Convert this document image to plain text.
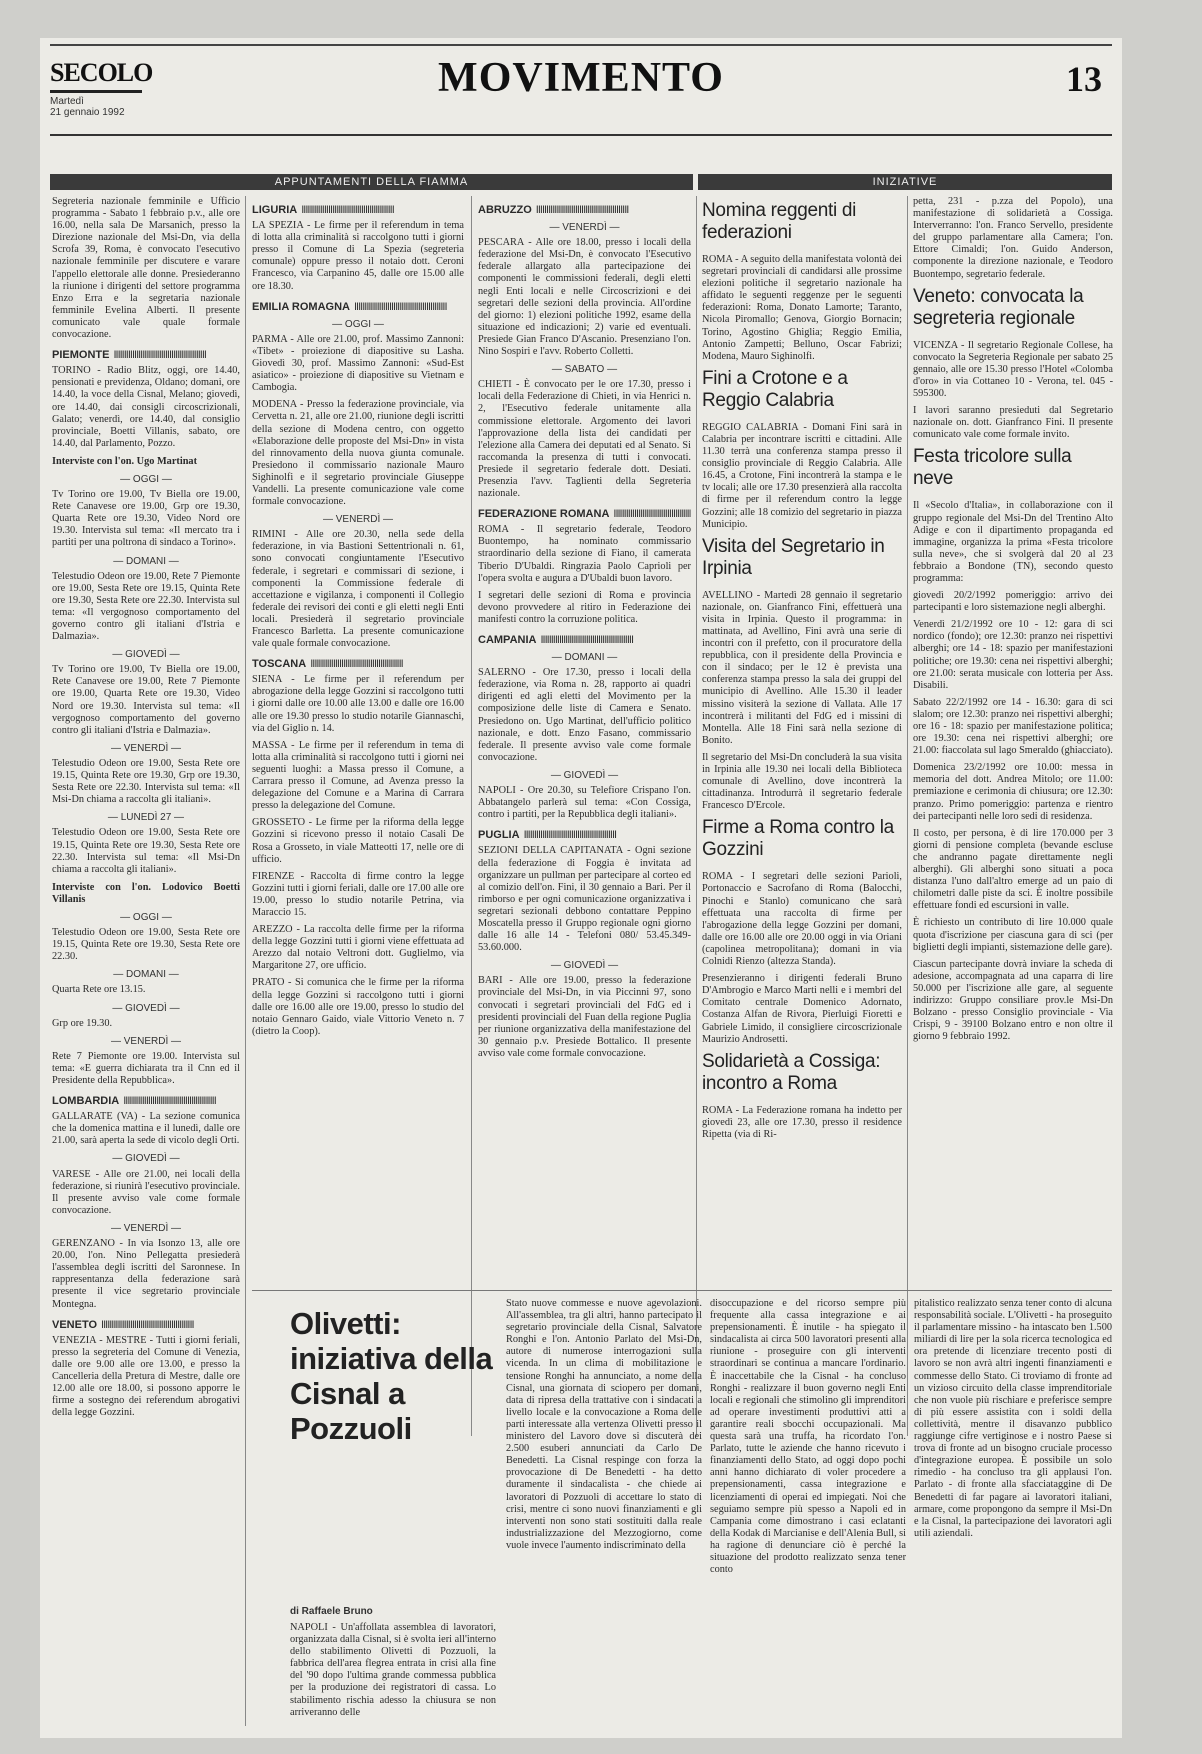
SECOLO
Martedì
21 gennaio 1992
MOVIMENTO	13
APPUNTAMENTI DELLA FIAMMA	INIZIATIVE

Segreteria nazionale femminile e Ufficio programma - Sabato 1 febbraio p.v., alle ore 16.00, nella sala De Marsanich, presso la Direzione nazionale del Msi-Dn, via della Scrofa 39, Roma, è convocato l'esecutivo nazionale femminile per discutere e varare l'appello elettorale alle donne. Presiederanno la riunione i dirigenti del settore programma Enzo Erra e la segretaria nazionale femminile Evelina Alberti. Il presente comunicato vale quale formale convocazione.

PIEMONTE IIIIIIIIIIIIIIIIIIIIIIIIIIIIIIIIIIIIIIIIIIIII

TORINO - Radio Blitz, oggi, ore 14.40, pensionati e previdenza, Oldano; domani, ore 14.40, la voce della Cisnal, Melano; giovedì, ore 14.40, dai consigli circoscrizionali, Galato; venerdì, ore 14.40, dal consiglio provinciale, Boetti Villanis, sabato, ore 14.40, dal Parlamento, Pozzo.

Interviste con l'on. Ugo Martinat
— OGGI —

Tv Torino ore 19.00, Tv Biella ore 19.00, Rete Canavese ore 19.00, Grp ore 19.30, Quarta Rete ore 19.30, Video Nord ore 19.30. Intervista sul tema: «Il mercato tra i partiti per una poltrona di sindaco a Torino».

— DOMANI —

Telestudio Odeon ore 19.00, Rete 7 Piemonte ore 19.00, Sesta Rete ore 19.15, Quinta Rete ore 19.30, Sesta Rete ore 22.30. Intervista sul tema: «Il vergognoso comportamento del governo contro gli italiani d'Istria e Dalmazia».

— GIOVEDÌ —

Tv Torino ore 19.00, Tv Biella ore 19.00, Rete Canavese ore 19.00, Rete 7 Piemonte ore 19.00, Quarta Rete ore 19.30, Video Nord ore 19.30. Intervista sul tema: «Il vergognoso comportamento del governo contro gli italiani d'Istria e Dalmazia».

— VENERDÌ —

Telestudio Odeon ore 19.00, Sesta Rete ore 19.15, Quinta Rete ore 19.30, Grp ore 19.30, Sesta Rete ore 22.30. Intervista sul tema: «Il Msi-Dn chiama a raccolta gli italiani».

— LUNEDÌ 27 —

Telestudio Odeon ore 19.00, Sesta Rete ore 19.15, Quinta Rete ore 19.30, Sesta Rete ore 22.30. Intervista sul tema: «Il Msi-Dn chiama a raccolta gli italiani».

Interviste con l'on. Lodovico Boetti Villanis
— OGGI —

Telestudio Odeon ore 19.00, Sesta Rete ore 19.15, Quinta Rete ore 19.30, Sesta Rete ore 22.30.

— DOMANI —

Quarta Rete ore 13.15.

— GIOVEDÌ —

Grp ore 19.30.

— VENERDÌ —

Rete 7 Piemonte ore 19.00. Intervista sul tema: «E guerra dichiarata tra il Cnn ed il Presidente della Repubblica».

LOMBARDIA IIIIIIIIIIIIIIIIIIIIIIIIIIIIIIIIIIIIIIIIIIIII

GALLARATE (VA) - La sezione comunica che la domenica mattina e il lunedì, dalle ore 21.00, sarà aperta la sede di vicolo degli Orti.

— GIOVEDÌ —

VARESE - Alle ore 21.00, nei locali della federazione, si riunirà l'esecutivo provinciale. Il presente avviso vale come formale convocazione.

— VENERDÌ —

GERENZANO - In via Isonzo 13, alle ore 20.00, l'on. Nino Pellegatta presiederà l'assemblea degli iscritti del Saronnese. In rappresentanza della federazione sarà presente il vice segretario provinciale Montegna.

VENETO IIIIIIIIIIIIIIIIIIIIIIIIIIIIIIIIIIIIIIIIIIIII

VENEZIA - MESTRE - Tutti i giorni feriali, presso la segreteria del Comune di Venezia, dalle ore 9.00 alle ore 13.00, e presso la Cancelleria della Pretura di Mestre, dalle ore 12.00 alle ore 18.00, si possono apporre le firme a sostegno dei referendum abrogativi della legge Gozzini.

LIGURIA IIIIIIIIIIIIIIIIIIIIIIIIIIIIIIIIIIIIIIIIIIIII

LA SPEZIA - Le firme per il referendum in tema di lotta alla criminalità si raccolgono tutti i giorni presso il Comune di La Spezia (segreteria comunale) oppure presso il notaio dott. Ceroni Francesco, via Carpanino 45, dalle ore 15.00 alle ore 18.30.

EMILIA ROMAGNA IIIIIIIIIIIIIIIIIIIIIIIIIIIIIIIIIIIIIIIIIIIII
— OGGI —

PARMA - Alle ore 21.00, prof. Massimo Zannoni: «Tibet» - proiezione di diapositive su Lasha. Giovedì 30, prof. Massimo Zannoni: «Sud-Est asiatico» - proiezione di diapositive su Vietnam e Cambogia.

MODENA - Presso la federazione provinciale, via Cervetta n. 21, alle ore 21.00, riunione degli iscritti della sezione di Modena centro, con oggetto «Elaborazione delle proposte del Msi-Dn» in vista del rinnovamento della nuova giunta comunale. Presiedono il commissario nazionale Mauro Sighinolfi e il segretario provinciale Giuseppe Vandelli. La presente comunicazione vale come formale convocazione.

— VENERDÌ —

RIMINI - Alle ore 20.30, nella sede della federazione, in via Bastioni Settentrionali n. 61, sono convocati congiuntamente l'Esecutivo federale, i segretari e commissari di sezione, i componenti la Commissione federale di accettazione e vigilanza, i componenti il Collegio federale dei revisori dei conti e gli eletti negli Enti locali. Presiederà il segretario provinciale Francesco Barletta. La presente comunicazione vale quale formale convocazione.

TOSCANA IIIIIIIIIIIIIIIIIIIIIIIIIIIIIIIIIIIIIIIIIIIII

SIENA - Le firme per il referendum per abrogazione della legge Gozzini si raccolgono tutti i giorni dalle ore 10.00 alle 13.00 e dalle ore 16.00 alle ore 19.30 presso lo studio notarile Giannaschi, via del Giglio n. 14.

MASSA - Le firme per il referendum in tema di lotta alla criminalità si raccolgono tutti i giorni nei seguenti luoghi: a Massa presso il Comune, a Carrara presso il Comune, ad Avenza presso la delegazione del Comune e a Marina di Carrara presso la delegazione del Comune.

GROSSETO - Le firme per la riforma della legge Gozzini si ricevono presso il notaio Casali De Rosa a Grosseto, in viale Matteotti 17, nelle ore di ufficio.

FIRENZE - Raccolta di firme contro la legge Gozzini tutti i giorni feriali, dalle ore 17.00 alle ore 19.00, presso lo studio notarile Petrina, via Maraccio 15.

AREZZO - La raccolta delle firme per la riforma della legge Gozzini tutti i giorni viene effettuata ad Arezzo dal notaio Veltroni dott. Guglielmo, via Margaritone 27, ore ufficio.

PRATO - Si comunica che le firme per la riforma della legge Gozzini si raccolgono tutti i giorni dalle ore 16.00 alle ore 19.00, presso lo studio del notaio Gennaro Gaido, viale Vittorio Veneto n. 7 (dietro la Coop).

ABRUZZO IIIIIIIIIIIIIIIIIIIIIIIIIIIIIIIIIIIIIIIIIIIII
— VENERDÌ —

PESCARA - Alle ore 18.00, presso i locali della federazione del Msi-Dn, è convocato l'Esecutivo federale allargato alla partecipazione dei componenti le commissioni federali, degli eletti negli Enti locali e nelle Circoscrizioni e dei segretari delle sezioni della provincia. All'ordine del giorno: 1) elezioni politiche 1992, esame della situazione ed indicazioni; 2) varie ed eventuali. Presiede Gian Franco D'Ascanio. Presenziano l'on. Nino Sospiri e l'avv. Roberto Colletti.

— SABATO —

CHIETI - È convocato per le ore 17.30, presso i locali della Federazione di Chieti, in via Henrici n. 2, l'Esecutivo federale unitamente alla commissione elettorale. Argomento dei lavori l'approvazione della lista dei candidati per l'elezione alla Camera dei deputati ed al Senato. Si raccomanda la presenza di tutti i convocati. Presiede il segretario federale dott. Desiati. Presenzia l'avv. Taglienti della Segreteria nazionale.

FEDERAZIONE ROMANA IIIIIIIIIIIIIIIIIIIIIIIIIIIIIIIIIIIIIIIIIIIII

ROMA - Il segretario federale, Teodoro Buontempo, ha nominato commissario straordinario della sezione di Fiano, il camerata Tiberio D'Ubaldi. Ringrazia Paolo Caprioli per l'opera svolta e augura a D'Ubaldi buon lavoro.

I segretari delle sezioni di Roma e provincia devono provvedere al ritiro in Federazione dei manifesti contro la corruzione politica.

CAMPANIA IIIIIIIIIIIIIIIIIIIIIIIIIIIIIIIIIIIIIIIIIIIII
— DOMANI —

SALERNO - Ore 17.30, presso i locali della federazione, via Roma n. 28, rapporto ai quadri dirigenti ed agli eletti del Movimento per la composizione delle liste di Camera e Senato. Presiedono on. Ugo Martinat, dell'ufficio politico nazionale, e dott. Enzo Fasano, commissario federale. Il presente avviso vale come formale convocazione.

— GIOVEDÌ —

NAPOLI - Ore 20.30, su Telefiore Crispano l'on. Abbatangelo parlerà sul tema: «Con Cossiga, contro i partiti, per la Repubblica degli italiani».

PUGLIA IIIIIIIIIIIIIIIIIIIIIIIIIIIIIIIIIIIIIIIIIIIII

SEZIONI DELLA CAPITANATA - Ogni sezione della federazione di Foggia è invitata ad organizzare un pullman per partecipare al corteo ed al comizio dell'on. Fini, il 30 gennaio a Bari. Per il rimborso e per ogni comunicazione organizzativa i segretari sezionali debbono contattare Peppino Moscatella presso il Gruppo regionale ogni giorno dalle 16 alle 14 - Telefoni 080/ 53.45.349-53.60.000.

— GIOVEDÌ —

BARI - Alle ore 19.00, presso la federazione provinciale del Msi-Dn, in via Piccinni 97, sono convocati i segretari provinciali del FdG ed i presidenti provinciali del Fuan della regione Puglia per riunione organizzativa della manifestazione del 30 gennaio p.v. Presiede Bottalico. Il presente avviso vale come formale convocazione.

Nomina reggenti di federazioni

ROMA - A seguito della manifestata volontà dei segretari provinciali di candidarsi alle prossime elezioni politiche il segretario nazionale ha affidato le seguenti reggenze per le seguenti federazioni: Roma, Donato Lamorte; Taranto, Nicola Piromallo; Genova, Giorgio Bornacin; Torino, Agostino Ghiglia; Reggio Emilia, Antonio Zampetti; Belluno, Oscar Fabrizi; Modena, Mauro Sighinolfi.

Fini a Crotone e a Reggio Calabria

REGGIO CALABRIA - Domani Fini sarà in Calabria per incontrare iscritti e cittadini. Alle 11.30 terrà una conferenza stampa presso il consiglio provinciale di Reggio Calabria. Alle 16.45, a Crotone, Fini incontrerà la stampa e le tv locali; alle ore 17.30 presenzierà alla raccolta di firme per il referendum contro la legge Gozzini; alle 18 comizio del segretario in piazza Municipio.

Visita del Segretario in Irpinia

AVELLINO - Martedì 28 gennaio il segretario nazionale, on. Gianfranco Fini, effettuerà una visita in Irpinia. Questo il programma: in mattinata, ad Avellino, Fini avrà una serie di incontri con il prefetto, con il procuratore della repubblica, con il presidente della Provincia e con il sindaco; per le 12 è prevista una conferenza stampa presso la sala dei gruppi del municipio di Avellino. Alle 15.30 il leader missino visiterà la sezione di Vallata. Alle 17 incontrerà i militanti del FdG ed i missini di Montella. Alle 18 Fini sarà nella sezione di Bonito.

Il segretario del Msi-Dn concluderà la sua visita in Irpinia alle 19.30 nei locali della Biblioteca comunale di Avellino, dove incontrerà la cittadinanza. Introdurrà il segretario federale Francesco D'Ercole.

Firme a Roma contro la Gozzini

ROMA - I segretari delle sezioni Parioli, Portonaccio e Sacrofano di Roma (Balocchi, Pinochi e Stanlo) comunicano che sarà effettuata una raccolta di firme per l'abrogazione della legge Gozzini per domani, dalle ore 16.00 alle ore 20.00 oggi in via Oriani (capolinea metropolitana); domani in via Colnidi Rienzo (altezza Standa).

Presenzieranno i dirigenti federali Bruno D'Ambrogio e Marco Marti nelli e i membri del Comitato centrale Domenico Adornato, Costanza Alfan de Rivora, Pierluigi Fioretti e Gabriele Limido, il consigliere circoscrizionale Maurizio Androsetti.

Solidarietà a Cossiga: incontro a Roma

ROMA - La Federazione romana ha indetto per giovedì 23, alle ore 17.30, presso il residence Ripetta (via di Ri-

petta, 231 - p.zza del Popolo), una manifestazione di solidarietà a Cossiga. Interverranno: l'on. Franco Servello, presidente del gruppo parlamentare alla Camera; l'on. Ettore Cimaldi; l'on. Guido Anderson, componente la direzione nazionale, e Teodoro Buontempo, segretario federale.

Veneto: convocata la segreteria regionale

VICENZA - Il segretario Regionale Collese, ha convocato la Segreteria Regionale per sabato 25 gennaio, alle ore 15.30 presso l'Hotel «Colomba d'oro» in via Cottaneo 10 - Verona, tel. 045 - 595300.

I lavori saranno presieduti dal Segretario nazionale on. dott. Gianfranco Fini. Il presente comunicato vale come formale invito.

Festa tricolore sulla neve

Il «Secolo d'Italia», in collaborazione con il gruppo regionale del Msi-Dn del Trentino Alto Adige e con il dipartimento propaganda ed immagine, organizza la prima «Festa tricolore sulla neve», che si svolgerà dal 20 al 23 febbraio a Bondone (TN), secondo questo programma:

giovedì 20/2/1992 pomeriggio: arrivo dei partecipanti e loro sistemazione negli alberghi.

Venerdì 21/2/1992 ore 10 - 12: gara di sci nordico (fondo); ore 12.30: pranzo nei rispettivi alberghi; ore 14 - 18: spazio per manifestazioni politiche; ore 19.30: cena nei rispettivi alberghi; ore 21.00: serata musicale con lotteria per Ass. Disabili.

Sabato 22/2/1992 ore 14 - 16.30: gara di sci slalom; ore 12.30: pranzo nei rispettivi alberghi; ore 16 - 18: spazio per manifestazione politica; ore 19.30: cena nei rispettivi alberghi; ore 21.00: fiaccolata sul lago Smeraldo (ghiacciato).

Domenica 23/2/1992 ore 10.00: messa in memoria del dott. Andrea Mitolo; ore 11.00: premiazione e cerimonia di chiusura; ore 12.30: pranzo. Primo pomeriggio: partenza e rientro dei partecipanti nelle loro sedi di residenza.

Il costo, per persona, è di lire 170.000 per 3 giorni di pensione completa (bevande escluse che andranno pagate direttamente negli alberghi). Gli alberghi sono situati a poca distanza l'uno dall'altro emerge ad un paio di chilometri dalle piste da sci. È inoltre possibile effettuare fondi ed escursioni in valle.

È richiesto un contributo di lire 10.000 quale quota d'iscrizione per ciascuna gara di sci (per biglietti degli impianti, sistemazione delle gare).

Ciascun partecipante dovrà inviare la scheda di adesione, accompagnata ad una caparra di lire 50.000 per l'iscrizione alle gare, al seguente indirizzo: Gruppo consiliare prov.le Msi-Dn Bolzano - presso Consiglio provinciale - Via Crispi, 9 - 39100 Bolzano entro e non oltre il giorno 9 febbraio 1992.

Olivetti: iniziativa della Cisnal a Pozzuoli
di Raffaele Bruno

NAPOLI - Un'affollata assemblea di lavoratori, organizzata dalla Cisnal, si è svolta ieri all'interno dello stabilimento Olivetti di Pozzuoli, la fabbrica dell'area flegrea entrata in crisi alla fine del '90 dopo l'ultima grande commessa pubblica per la produzione dei registratori di cassa. Lo stabilimento rischia adesso la chiusura se non arriveranno delle

Stato nuove commesse e nuove agevolazioni. All'assemblea, tra gli altri, hanno partecipato il segretario provinciale della Cisnal, Salvatore Ronghi e l'on. Antonio Parlato del Msi-Dn, autore di numerose interrogazioni sulla vicenda. In un clima di mobilitazione e tensione Ronghi ha annunciato, a nome della Cisnal, una giornata di sciopero per domani, data di ripresa della trattative con i sindacati a livello locale e la convocazione a Roma delle parti interessate alla vertenza Olivetti presso il ministero del Lavoro dove si discuterà dei 2.500 esuberi annunciati da Carlo De Benedetti. La Cisnal respinge con forza la provocazione di De Benedetti - ha detto duramente il sindacalista - che chiede ai lavoratori di Pozzuoli di accettare lo stato di crisi, mentre ci sono nuovi finanziamenti e gli interventi non sono stati sostituiti dalla reale industrializzazione del Mezzogiorno, come vuole invece l'aumento indiscriminato della

disoccupazione e del ricorso sempre più frequente alla cassa integrazione e ai prepensionamenti. È inutile - ha spiegato il sindacalista ai circa 500 lavoratori presenti alla riunione - proseguire con gli interventi straordinari se continua a mancare l'ordinario. È inaccettabile che la Cisnal - ha concluso Ronghi - realizzare il buon governo negli Enti locali e regionali che stimolino gli imprenditori ad operare investimenti produttivi atti a garantire reali sbocchi occupazionali. Ma questa sarà una truffa, ha ricordato l'on. Parlato, tutte le aziende che hanno ricevuto i finanziamenti dello Stato, ad oggi dopo pochi anni hanno dichiarato di voler procedere a prepensionamenti, cassa integrazione e licenziamenti di operai ed impiegati. Noi che seguiamo sempre più spesso a Napoli ed in Campania come dimostrano i casi eclatanti della Kodak di Marcianise e dell'Alenia Bull, si ha ragione di denunciare ciò è perché la situazione del prodotto realizzato senza tener conto

pitalistico realizzato senza tener conto di alcuna responsabilità sociale. L'Olivetti - ha proseguito il parlamentare missino - ha intascato ben 1.500 miliardi di lire per la sola ricerca tecnologica ed ora pretende di licenziare trecento posti di lavoro se non avrà altri ingenti finanziamenti e commesse dello Stato. Ci troviamo di fronte ad un vizioso circuito della classe imprenditoriale che non vuole più rischiare e preferisce sempre di più essere assistita con i soldi della collettività, mentre il disavanzo pubblico raggiunge cifre vertiginose e i nostro Paese si trova di fronte ad un bisogno cruciale processo d'integrazione europea. È possibile un solo rimedio - ha concluso tra gli applausi l'on. Parlato - di fronte alla sfacciataggine di De Benedetti di far pagare ai lavoratori italiani, armare, come propongono da sempre il Msi-Dn e la Cisnal, la partecipazione dei lavoratori agli utili aziendali.
